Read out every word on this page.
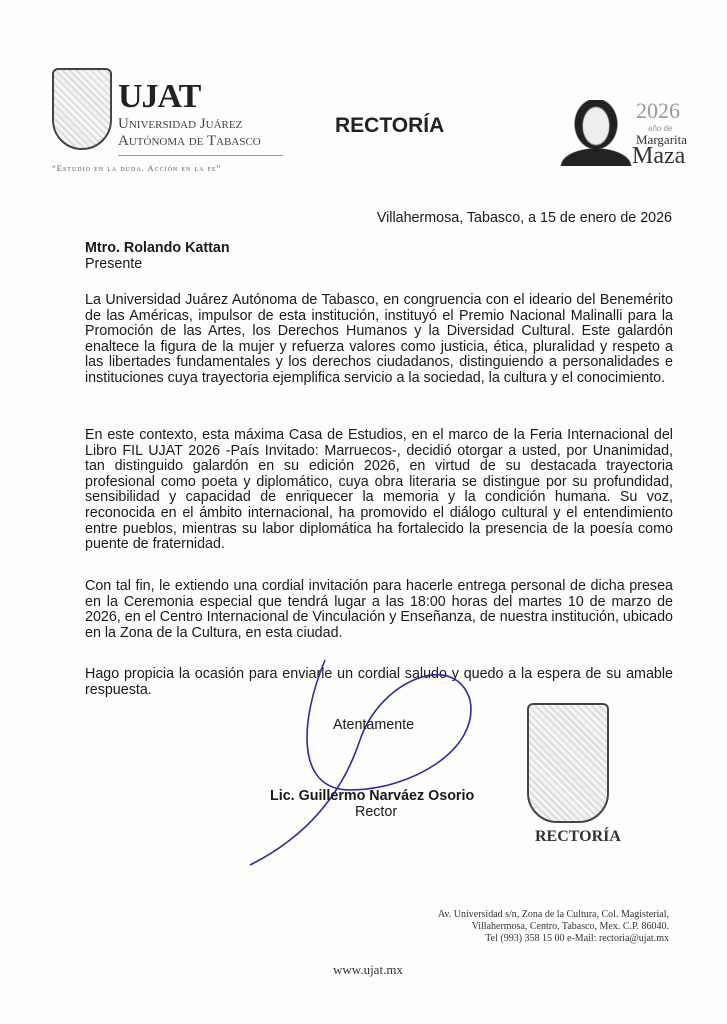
UJAT
Universidad Juárez
Autónoma de Tabasco
“Estudio en la duda. Acción en la fe”
RECTORÍA
2026
año de
Margarita
Maza
Villahermosa, Tabasco, a 15 de enero de 2026
Mtro. Rolando Kattan
Presente

La Universidad Juárez Autónoma de Tabasco, en congruencia con el ideario del Benemérito de las Américas, impulsor de esta institución, instituyó el Premio Nacional Malinalli para la Promoción de las Artes, los Derechos Humanos y la Diversidad Cultural. Este galardón enaltece la figura de la mujer y refuerza valores como justicia, ética, pluralidad y respeto a las libertades fundamentales y los derechos ciudadanos, distinguiendo a personalidades e instituciones cuya trayectoria ejemplifica servicio a la sociedad, la cultura y el conocimiento.

En este contexto, esta máxima Casa de Estudios, en el marco de la Feria Internacional del Libro FIL UJAT 2026 -País Invitado: Marruecos-, decidió otorgar a usted, por Unanimidad, tan distinguido galardón en su edición 2026, en virtud de su destacada trayectoria profesional como poeta y diplomático, cuya obra literaria se distingue por su profundidad, sensibilidad y capacidad de enriquecer la memoria y la condición humana. Su voz, reconocida en el ámbito internacional, ha promovido el diálogo cultural y el entendimiento entre pueblos, mientras su labor diplomática ha fortalecido la presencia de la poesía como puente de fraternidad.

Con tal fin, le extiendo una cordial invitación para hacerle entrega personal de dicha presea en la Ceremonia especial que tendrá lugar a las 18:00 horas del martes 10 de marzo de 2026, en el Centro Internacional de Vinculación y Enseñanza, de nuestra institución, ubicado en la Zona de la Cultura, en esta ciudad.

Hago propicia la ocasión para enviarle un cordial saludo y quedo a la espera de su amable respuesta.

Atentamente
Lic. Guillermo Narváez Osorio
Rector
RECTORÍA
Av. Universidad s/n, Zona de la Cultura, Col. Magisterial,
Villahermosa, Centro, Tabasco, Mex. C.P. 86040.
Tel (993) 358 15 00 e-Mail: rectoria@ujat.mx
www.ujat.mx
